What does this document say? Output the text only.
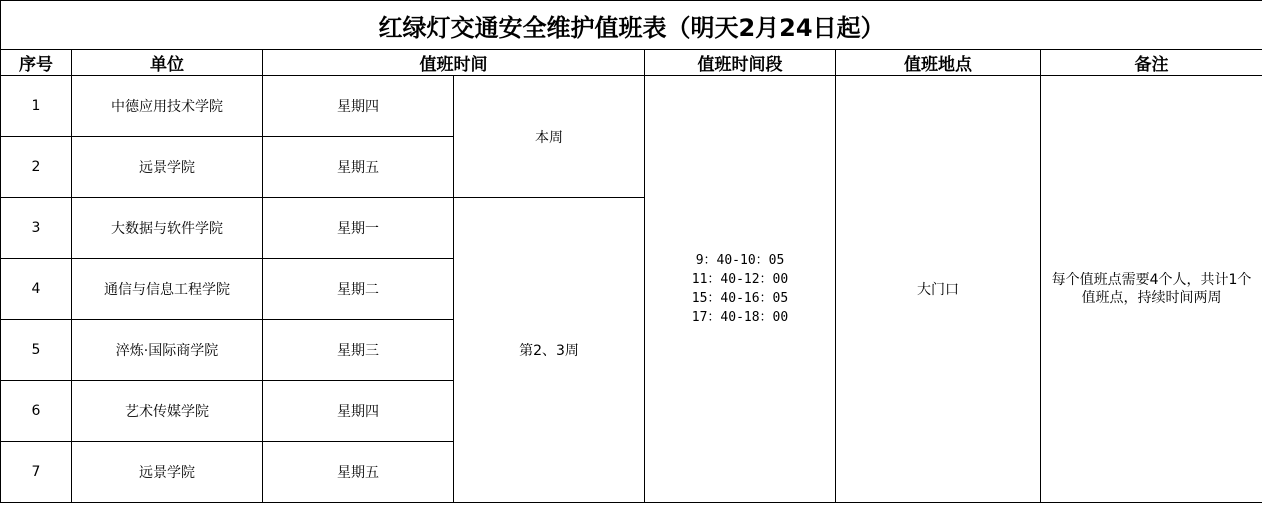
红绿灯交通安全维护值班表（明天2月24日起）						
序号	单位	值班时间		值班时间段	值班地点	备注
1	中德应用技术学院	星期四	本周	9：40-10：05
11：40-12：00
15：40-16：05
17：40-18：00	大门口	每个值班点需要4个人，共计1个值班点，持续时间两周
2	远景学院	星期五				
3	大数据与软件学院	星期一	第2、3周			
4	通信与信息工程学院	星期二				
5	淬炼·国际商学院	星期三				
6	艺术传媒学院	星期四				
7	远景学院	星期五				
